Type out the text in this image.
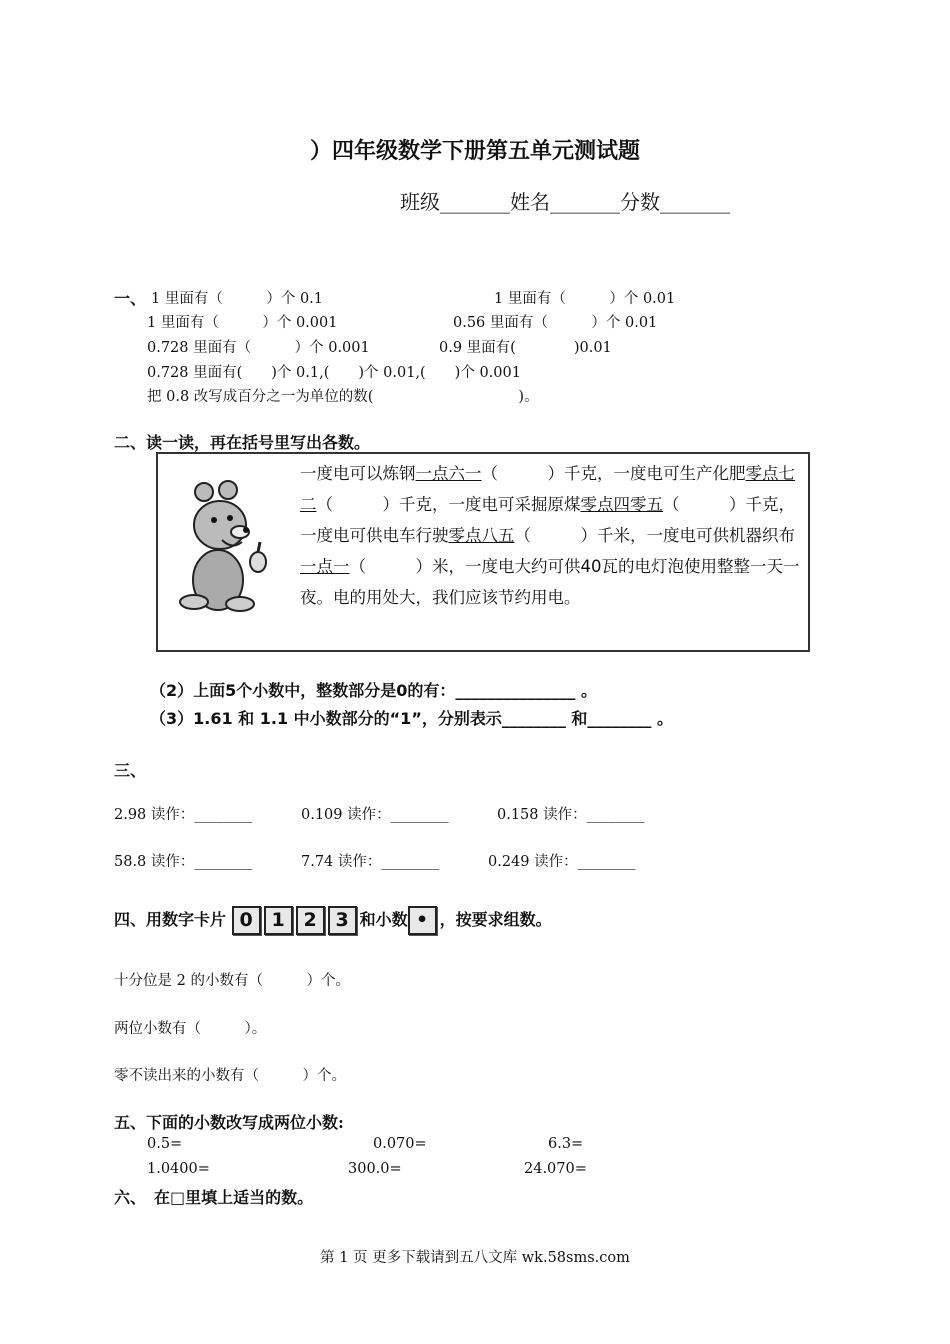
）四年级数学下册第五单元测试题
班级_______姓名_______分数_______
一、 1 里面有（　　　）个 0.1	1 里面有（　　　）个 0.01
1 里面有（　　　）个 0.001	0.56 里面有（　　　）个 0.01
0.728 里面有（　　　）个 0.001	0.9 里面有(　　　　)0.01
0.728 里面有(　　)个 0.1,(　　)个 0.01,(　　)个 0.001
把 0.8 改写成百分之一为单位的数(　　　　　　　　　　)。
二、读一读，再在括号里写出各数。
一度电可以炼钢一点六一（　　　）千克，一度电可生产化肥零点七二（　　　）千克，一度电可采掘原煤零点四零五（　　　）千克，一度电可供电车行驶零点八五（　　　）千米，一度电可供机器织布一点一（　　　）米，一度电大约可供40瓦的电灯泡使用整整一天一夜。电的用处大，我们应该节约用电。
（2）上面5个小数中，整数部分是0的有：_______________ 。
（3）1.61 和 1.1 中小数部分的“1”，分别表示________ 和________ 。
三、
2.98 读作：________	0.109 读作：________	0.158 读作：________
58.8 读作：________	7.74 读作：________	0.249 读作：________
四、用数字卡片 0 1 2 3 和小数 • ，按要求组数。
十分位是 2 的小数有（　　　）个。
两位小数有（　　　）。
零不读出来的小数有（　　　）个。
五、下面的小数改写成两位小数:
0.5=	0.070=	6.3=
1.0400=	300.0=	24.070=
六、　在□里填上适当的数。
第 1 页 更多下载请到五八文库 wk.58sms.com
